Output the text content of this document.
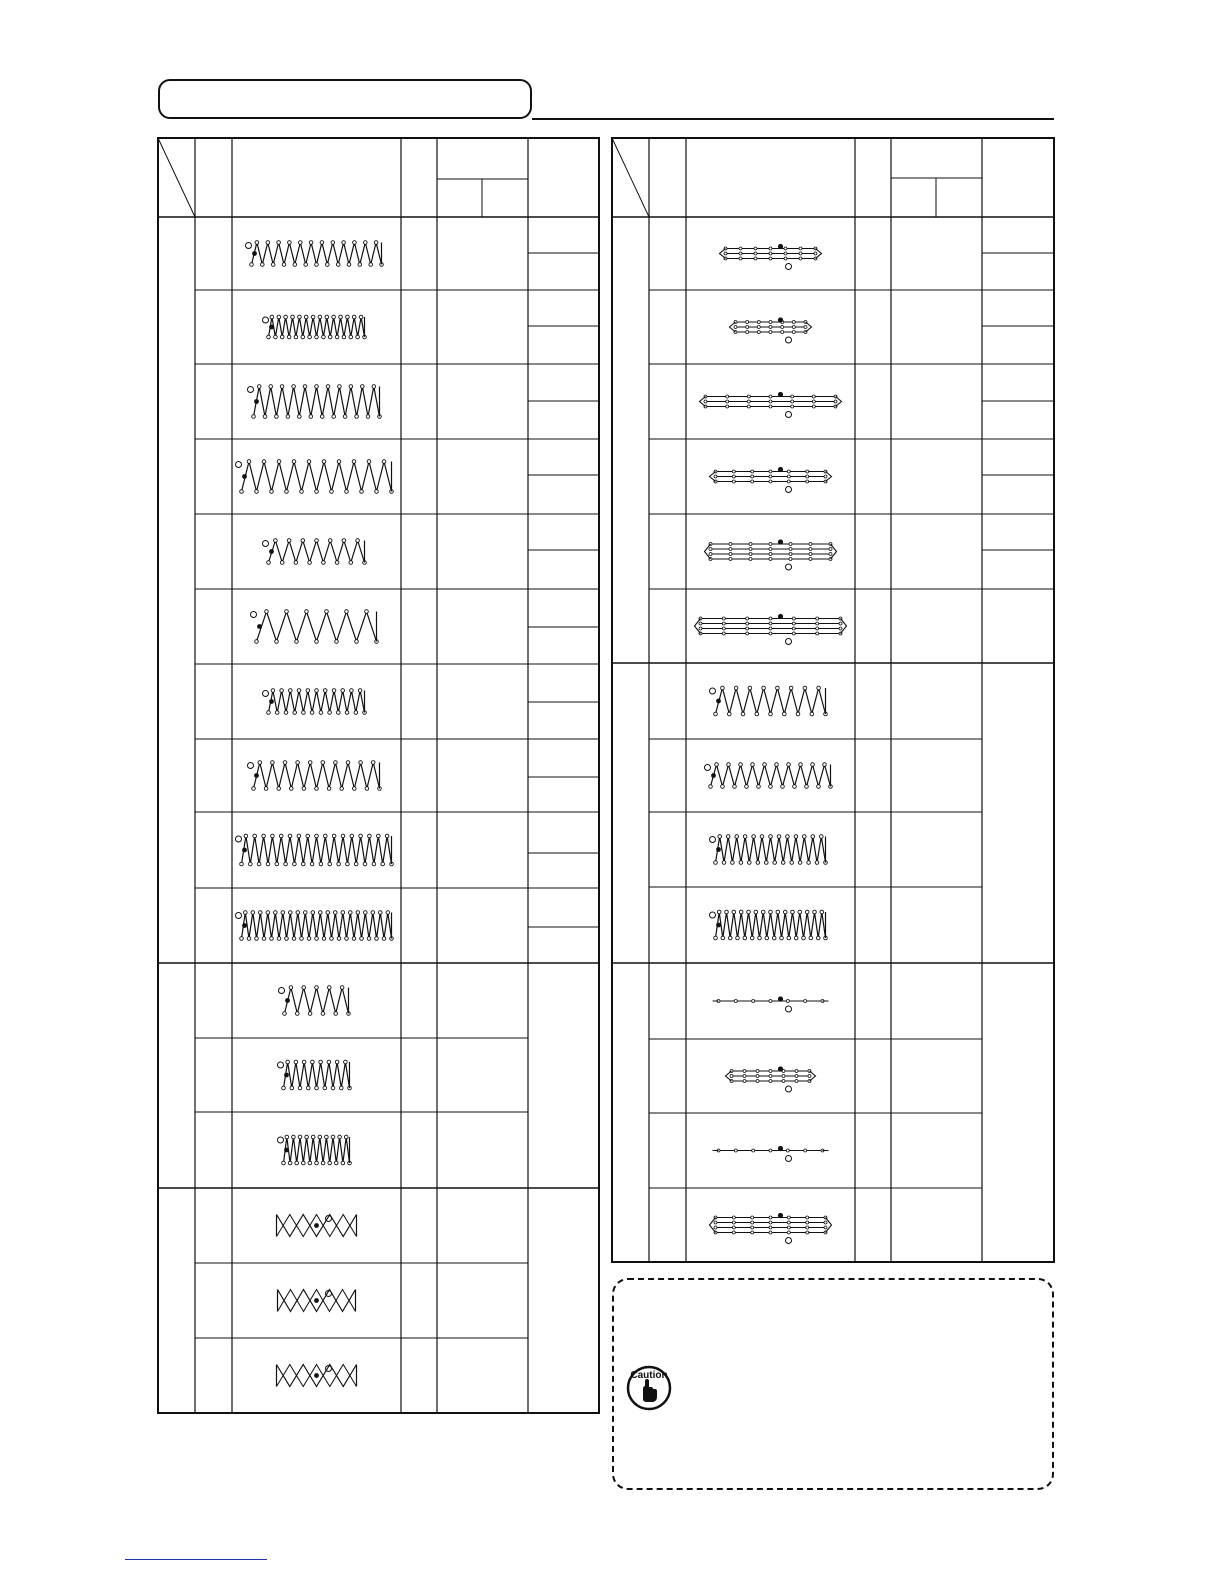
Caution
